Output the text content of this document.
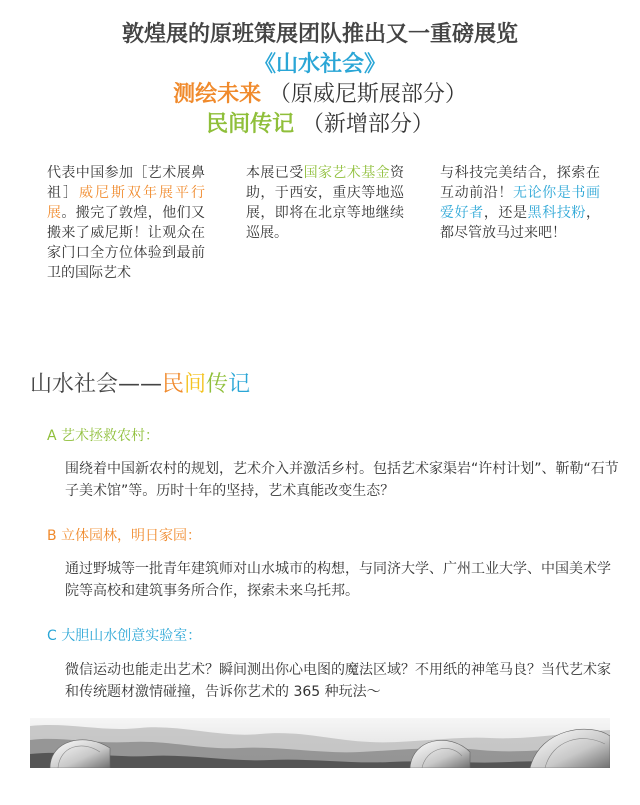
敦煌展的原班策展团队推出又一重磅展览
《山水社会》
测绘未来 （原威尼斯展部分）
民间传记 （新增部分）
代表中国参加［艺术展鼻祖］威尼斯双年展平行展。搬完了敦煌，他们又搬来了威尼斯！让观众在家门口全方位体验到最前卫的国际艺术
本展已受国家艺术基金资助，于西安，重庆等地巡展，即将在北京等地继续巡展。
与科技完美结合，探索在互动前沿！无论你是书画爱好者，还是黑科技粉，都尽管放马过来吧！
山水社会——民间传记
A 艺术拯救农村：
围绕着中国新农村的规划，艺术介入并激活乡村。包括艺术家渠岩“许村计划”、靳勒“石节子美术馆”等。历时十年的坚持，艺术真能改变生态？
B 立体园林，明日家园：
通过野城等一批青年建筑师对山水城市的构想，与同济大学、广州工业大学、中国美术学院等高校和建筑事务所合作，探索未来乌托邦。
C 大胆山水创意实验室：
微信运动也能走出艺术？瞬间测出你心电图的魔法区域？不用纸的神笔马良？当代艺术家和传统题材激情碰撞，告诉你艺术的 365 种玩法～
